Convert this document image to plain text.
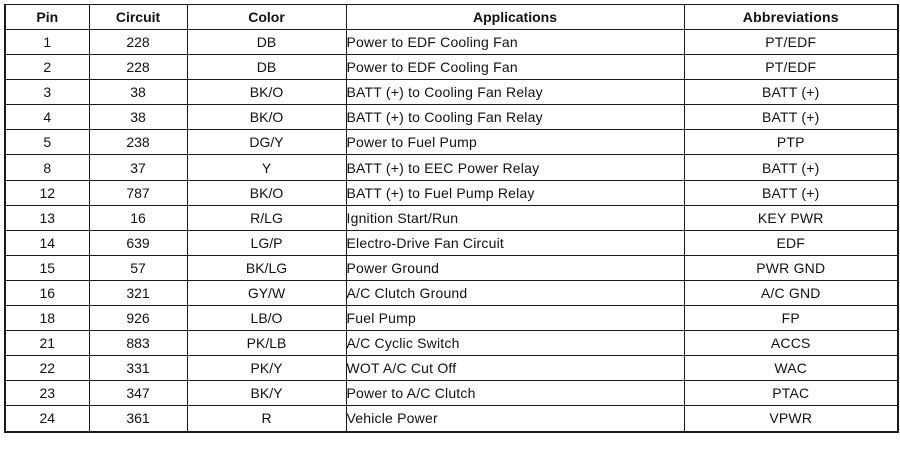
Pin	Circuit	Color	Applications	Abbreviations
1	228	DB	Power to EDF Cooling Fan	PT/EDF
2	228	DB	Power to EDF Cooling Fan	PT/EDF
3	38	BK/O	BATT (+) to Cooling Fan Relay	BATT (+)
4	38	BK/O	BATT (+) to Cooling Fan Relay	BATT (+)
5	238	DG/Y	Power to Fuel Pump	PTP
8	37	Y	BATT (+) to EEC Power Relay	BATT (+)
12	787	BK/O	BATT (+) to Fuel Pump Relay	BATT (+)
13	16	R/LG	Ignition Start/Run	KEY PWR
14	639	LG/P	Electro-Drive Fan Circuit	EDF
15	57	BK/LG	Power Ground	PWR GND
16	321	GY/W	A/C Clutch Ground	A/C GND
18	926	LB/O	Fuel Pump	FP
21	883	PK/LB	A/C Cyclic Switch	ACCS
22	331	PK/Y	WOT A/C Cut Off	WAC
23	347	BK/Y	Power to A/C Clutch	PTAC
24	361	R	Vehicle Power	VPWR
